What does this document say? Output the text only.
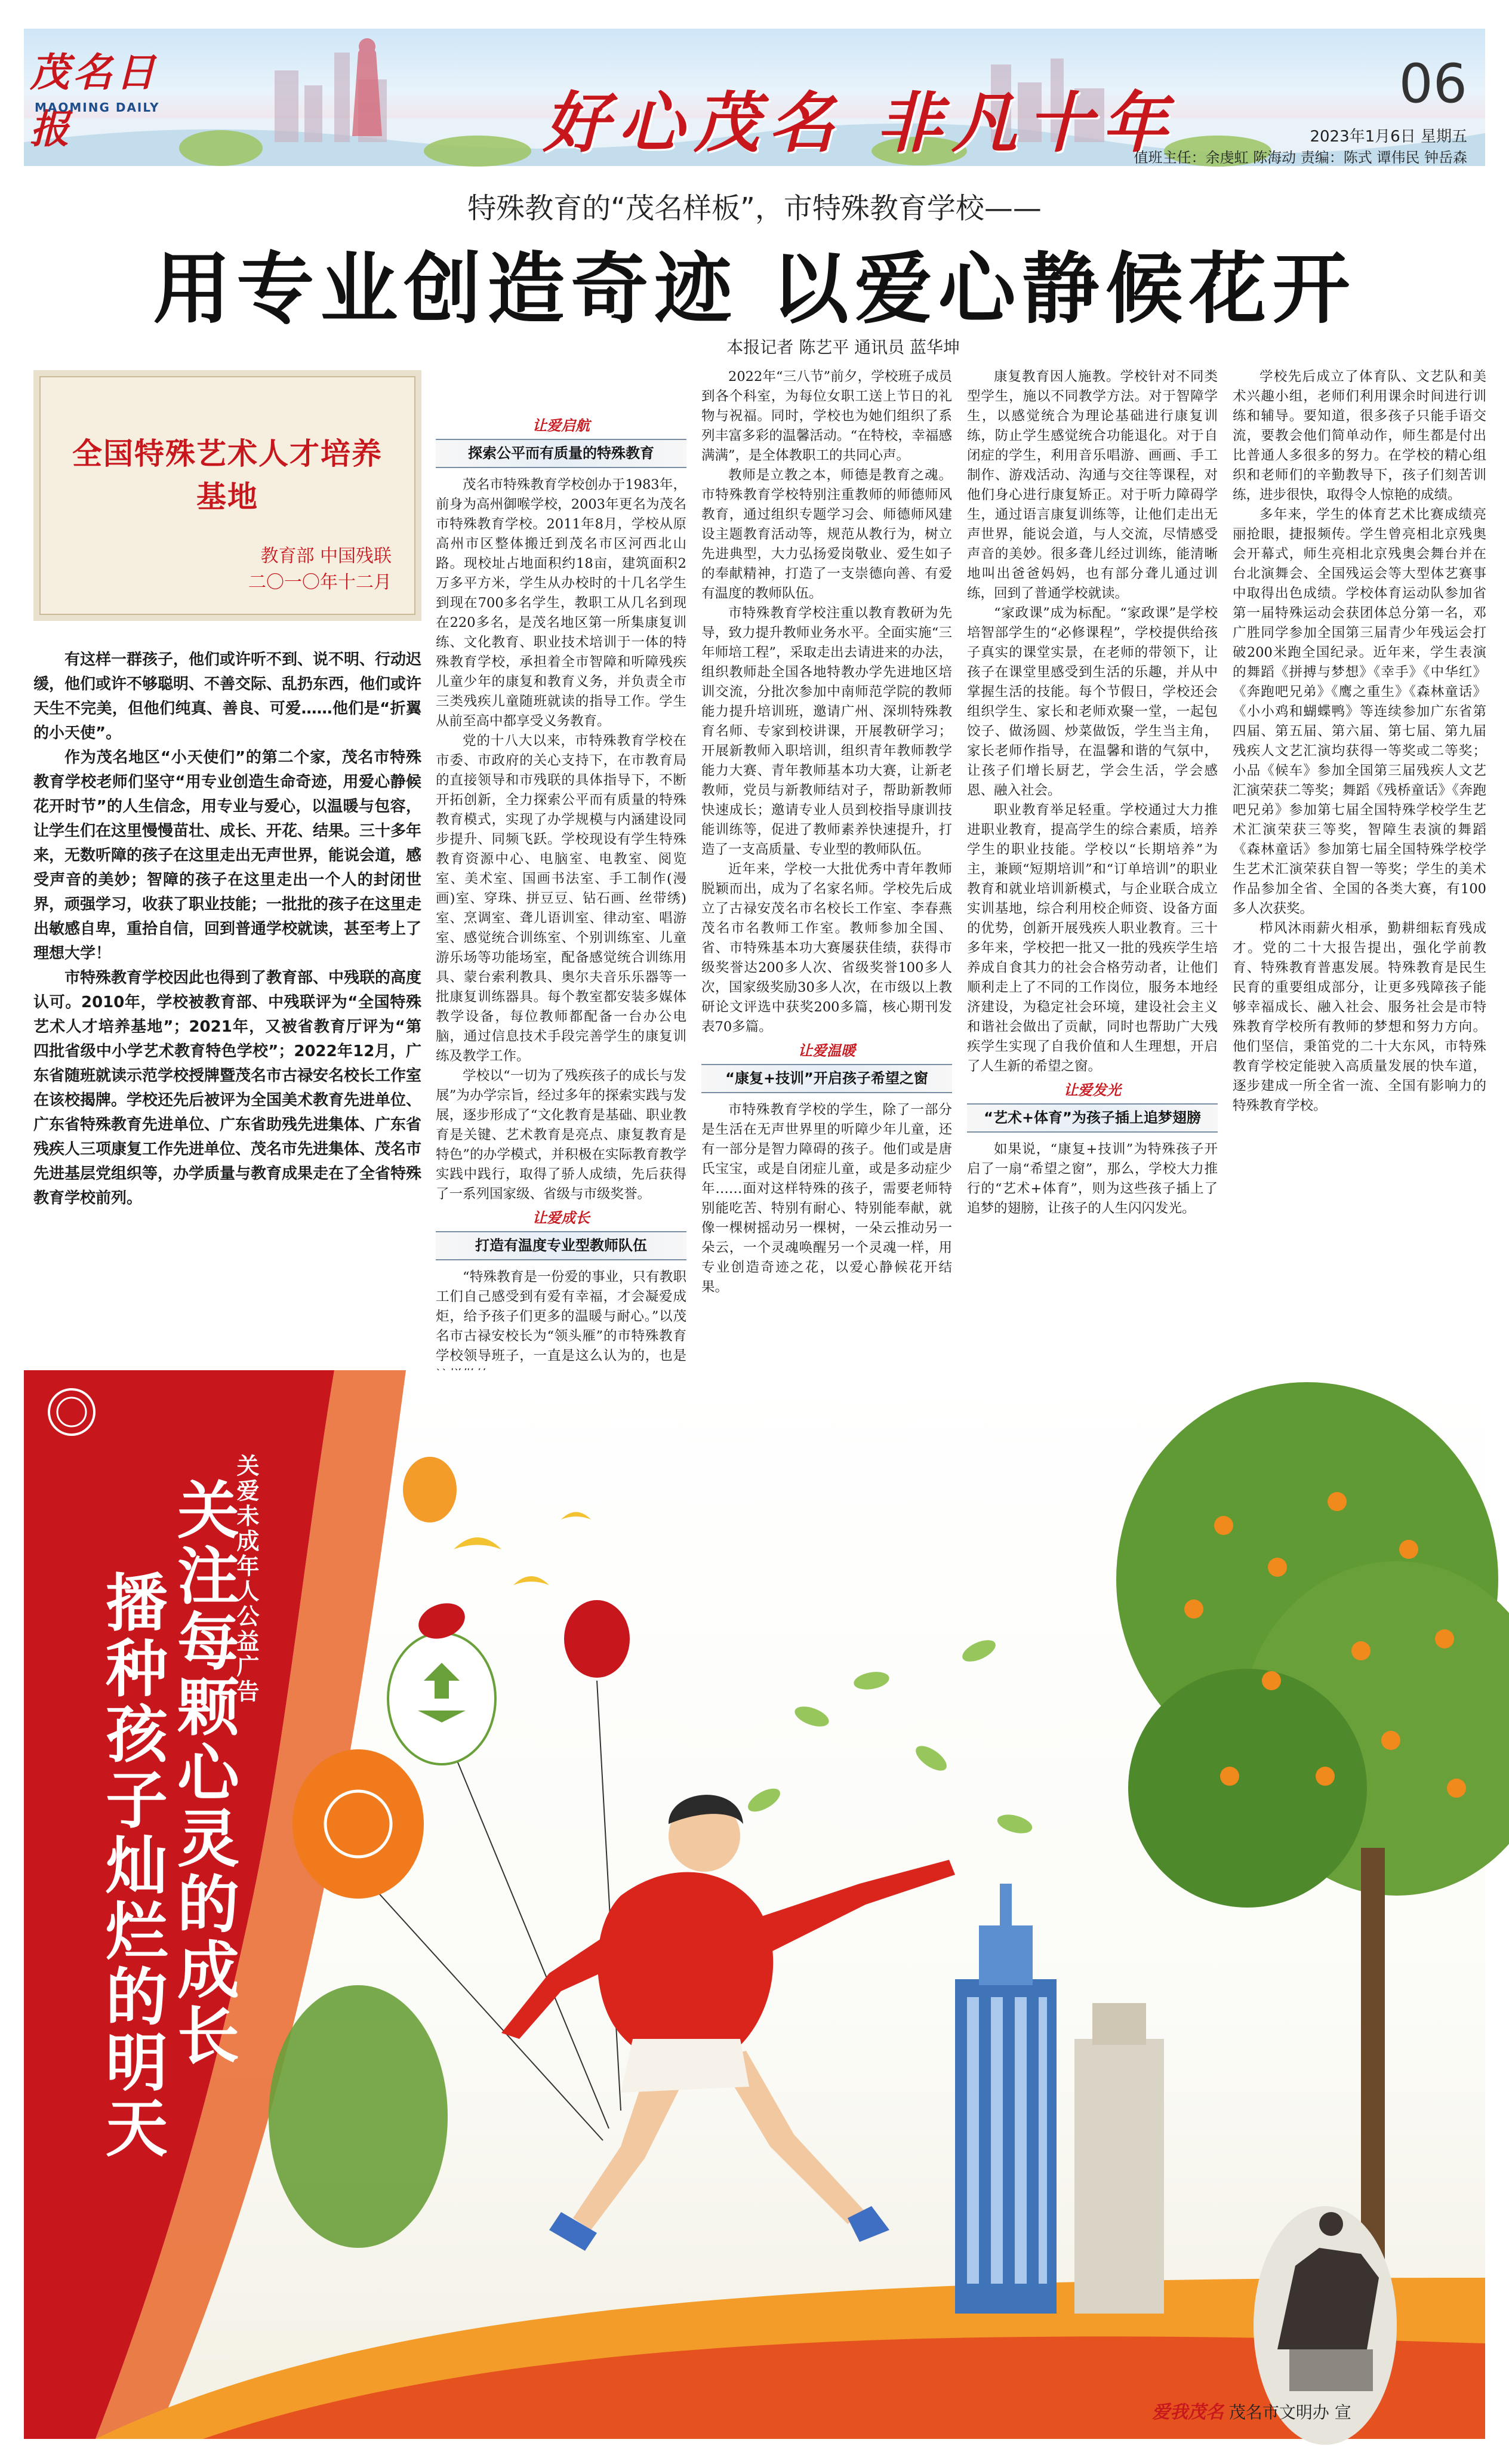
茂名日报
MAOMING DAILY	好心茂名 非凡十年
06
2023年1月6日 星期五
值班主任：余虔虹 陈海动 责编：陈式 谭伟民 钟岳森
特殊教育的“茂名样板”，市特殊教育学校——
用专业创造奇迹 以爱心静候花开
本报记者 陈艺平 通讯员 蓝华坤
全国特殊艺术人才培养基地
教育部 中国残联
二〇一〇年十二月

有这样一群孩子，他们或许听不到、说不明、行动迟缓，他们或许不够聪明、不善交际、乱扔东西，他们或许天生不完美，但他们纯真、善良、可爱……他们是“折翼的小天使”。

作为茂名地区“小天使们”的第二个家，茂名市特殊教育学校老师们坚守“用专业创造生命奇迹，用爱心静候花开时节”的人生信念，用专业与爱心，以温暖与包容，让学生们在这里慢慢苗壮、成长、开花、结果。三十多年来，无数听障的孩子在这里走出无声世界，能说会道，感受声音的美妙；智障的孩子在这里走出一个人的封闭世界，顽强学习，收获了职业技能；一批批的孩子在这里走出敏感自卑，重拾自信，回到普通学校就读，甚至考上了理想大学！

市特殊教育学校因此也得到了教育部、中残联的高度认可。2010年，学校被教育部、中残联评为“全国特殊艺术人才培养基地”；2021年，又被省教育厅评为“第四批省级中小学艺术教育特色学校”；2022年12月，广东省随班就读示范学校授牌暨茂名市古禄安名校长工作室在该校揭牌。学校还先后被评为全国美术教育先进单位、广东省特殊教育先进单位、广东省助残先进集体、广东省残疾人三项康复工作先进单位、茂名市先进集体、茂名市先进基层党组织等，办学质量与教育成果走在了全省特殊教育学校前列。

让爱启航
探索公平而有质量的特殊教育

茂名市特殊教育学校创办于1983年，前身为高州御喉学校，2003年更名为茂名市特殊教育学校。2011年8月，学校从原高州市区整体搬迁到茂名市区河西北山路。现校址占地面积约18亩，建筑面积2万多平方米，学生从办校时的十几名学生到现在700多名学生，教职工从几名到现在220多名，是茂名地区第一所集康复训练、文化教育、职业技术培训于一体的特殊教育学校，承担着全市智障和听障残疾儿童少年的康复和教育义务，并负责全市三类残疾儿童随班就读的指导工作。学生从前至高中都享受义务教育。

党的十八大以来，市特殊教育学校在市委、市政府的关心支持下，在市教育局的直接领导和市残联的具体指导下，不断开拓创新，全力探索公平而有质量的特殊教育模式，实现了办学规模与内涵建设同步提升、同频飞跃。学校现设有学生特殊教育资源中心、电脑室、电教室、阅览室、美术室、国画书法室、手工制作(漫画)室、穿珠、拼豆豆、钻石画、丝带绣)室、烹调室、聋儿语训室、律动室、唱游室、感觉统合训练室、个别训练室、儿童游乐场等功能场室，配备感觉统合训练用具、蒙台索利教具、奥尔夫音乐乐器等一批康复训练器具。每个教室都安装多媒体教学设备，每位教师都配备一台办公电脑，通过信息技术手段完善学生的康复训练及教学工作。

学校以“一切为了残疾孩子的成长与发展”为办学宗旨，经过多年的探索实践与发展，逐步形成了“文化教育是基础、职业教育是关键、艺术教育是亮点、康复教育是特色”的办学模式，并积极在实际教育教学实践中践行，取得了骄人成绩，先后获得了一系列国家级、省级与市级奖誉。

让爱成长
打造有温度专业型教师队伍

“特殊教育是一份爱的事业，只有教职工们自己感受到有爱有幸福，才会凝爱成炬，给予孩子们更多的温暖与耐心。”以茂名市古禄安校长为“领头雁”的市特殊教育学校领导班子，一直是这么认为的，也是

2022年“三八节”前夕，学校班子成员到各个科室，为每位女职工送上节日的礼物与祝福。同时，学校也为她们组织了系列丰富多彩的温馨活动。“在特校，幸福感满满”，是全体教职工的共同心声。

教师是立教之本，师德是教育之魂。市特殊教育学校特别注重教师的师德师风教育，通过组织专题学习会、师德师风建设主题教育活动等，规范从教行为，树立先进典型，大力弘扬爱岗敬业、爱生如子的奉献精神，打造了一支崇德向善、有爱有温度的教师队伍。

市特殊教育学校注重以教育教研为先导，致力提升教师业务水平。全面实施“三年师培工程”，采取走出去请进来的办法，组织教师赴全国各地特教办学先进地区培训交流，分批次参加中南师范学院的教师能力提升培训班，邀请广州、深圳特殊教育名师、专家到校讲课，开展教研学习；开展新教师入职培训，组织青年教师教学能力大赛、青年教师基本功大赛，让新老教师，党员与新教师结对子，帮助新教师快速成长；邀请专业人员到校指导康训技能训练等，促进了教师素养快速提升，打造了一支高质量、专业型的教师队伍。

近年来，学校一大批优秀中青年教师脱颖而出，成为了名家名师。学校先后成立了古禄安茂名市名校长工作室、李春燕茂名市名教师工作室。教师参加全国、省、市特殊基本功大赛屡获佳绩，获得市级奖誉达200多人次、省级奖誉100多人次，国家级奖励30多人次，在市级以上教研论文评选中获奖200多篇，核心期刊发表70多篇。

让爱温暖
“康复+技训”开启孩子希望之窗

市特殊教育学校的学生，除了一部分是生活在无声世界里的听障少年儿童，还有一部分是智力障碍的孩子。他们或是唐氏宝宝，或是自闭症儿童，或是多动症少年……面对这样特殊的孩子，需要老师特别能吃苦、特别有耐心、特别能奉献，就像一棵树摇动另一棵树，一朵云推动另一朵云，一个灵魂唤醒另一个灵魂一样，用专业创造奇迹之花，以爱心静候花开结果。

康复教育因人施教。学校针对不同类型学生，施以不同教学方法。对于智障学生，以感觉统合为理论基础进行康复训练，防止学生感觉统合功能退化。对于自闭症的学生，利用音乐唱游、画画、手工制作、游戏活动、沟通与交往等课程，对他们身心进行康复矫正。对于听力障碍学生，通过语言康复训练等，让他们走出无声世界，能说会道，与人交流，尽情感受声音的美妙。很多聋儿经过训练，能清晰地叫出爸爸妈妈，也有部分聋儿通过训练，回到了普通学校就读。

“家政课”成为标配。“家政课”是学校培智部学生的“必修课程”，学校提供给孩子真实的课堂实景，在老师的带领下，让孩子在课堂里感受到生活的乐趣，并从中掌握生活的技能。每个节假日，学校还会组织学生、家长和老师欢聚一堂，一起包饺子、做汤圆、炒菜做饭，学生当主角，家长老师作指导，在温馨和谐的气氛中，让孩子们增长厨艺，学会生活，学会感恩、融入社会。

职业教育举足轻重。学校通过大力推进职业教育，提高学生的综合素质，培养学生的职业技能。学校以“长期培养”为主，兼顾“短期培训”和“订单培训”的职业教育和就业培训新模式，与企业联合成立实训基地，综合利用校企师资、设备方面的优势，创新开展残疾人职业教育。三十多年来，学校把一批又一批的残疾学生培养成自食其力的社会合格劳动者，让他们顺利走上了不同的工作岗位，服务本地经济建设，为稳定社会环境，建设社会主义和谐社会做出了贡献，同时也帮助广大残疾学生实现了自我价值和人生理想，开启了人生新的希望之窗。

让爱发光
“艺术+体育”为孩子插上追梦翅膀

如果说，“康复+技训”为特殊孩子开启了一扇“希望之窗”，那么，学校大力推行的“艺术+体育”，则为这些孩子插上了追梦的翅膀，让孩子的人生闪闪发光。

学校先后成立了体育队、文艺队和美术兴趣小组，老师们利用课余时间进行训练和辅导。要知道，很多孩子只能手语交流，要教会他们简单动作，师生都是付出比普通人多很多的努力。在学校的精心组织和老师们的辛勤教导下，孩子们刻苦训练，进步很快，取得令人惊艳的成绩。

多年来，学生的体育艺术比赛成绩亮丽抢眼，捷报频传。学生曾亮相北京残奥会开幕式，师生亮相北京残奥会舞台并在台北演舞会、全国残运会等大型体艺赛事中取得出色成绩。学校体育运动队参加省第一届特殊运动会获团体总分第一名，邓广胜同学参加全国第三届青少年残运会打破200米跑全国纪录。近年来，学生表演的舞蹈《拼搏与梦想》《幸手》《中华红》《奔跑吧兄弟》《鹰之重生》《森林童话》《小小鸡和蝴蝶鸭》等连续参加广东省第四届、第五届、第六届、第七届、第九届残疾人文艺汇演均获得一等奖或二等奖；小品《候车》参加全国第三届残疾人文艺汇演荣获二等奖；舞蹈《残桥童话》《奔跑吧兄弟》参加第七届全国特殊学校学生艺术汇演荣获三等奖，智障生表演的舞蹈《森林童话》参加第七届全国特殊学校学生艺术汇演荣获自智一等奖；学生的美术作品参加全省、全国的各类大赛，有100多人次获奖。

栉风沐雨薪火相承，勤耕细耘育残成才。党的二十大报告提出，强化学前教育、特殊教育普惠发展。特殊教育是民生民育的重要组成部分，让更多残障孩子能够幸福成长、融入社会、服务社会是市特殊教育学校所有教师的梦想和努力方向。他们坚信，秉笛党的二十大东风，市特殊教育学校定能驶入高质量发展的快车道，逐步建成一所全省一流、全国有影响力的特殊教育学校。

关爱未成年人公益广告
关注每颗心灵的成长
播种孩子灿烂的明天
爱我茂名 茂名市文明办 宣
